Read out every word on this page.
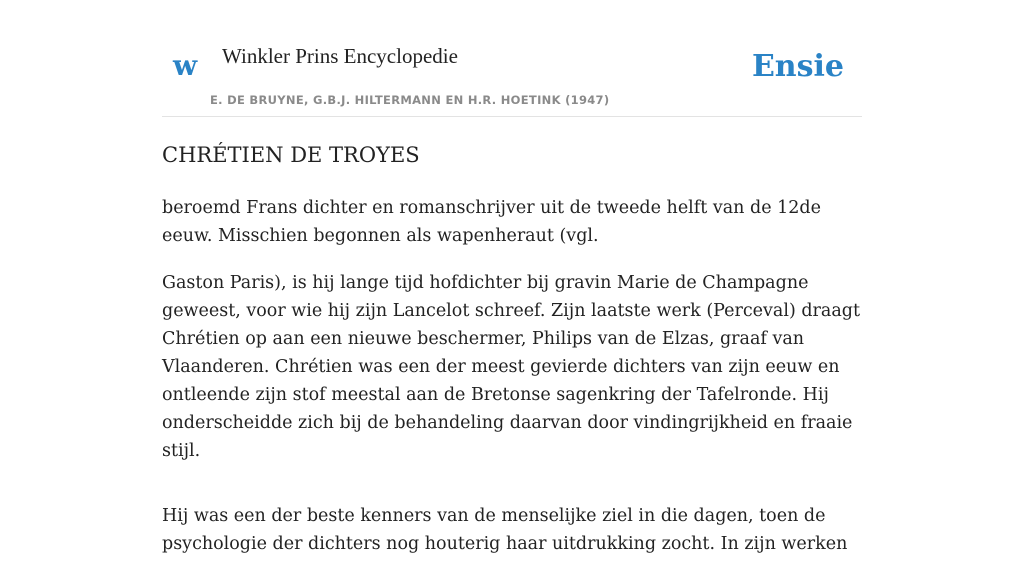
w Winkler Prins Encyclopedie
E. DE BRUYNE, G.B.J. HILTERMANN EN H.R. HOETINK (1947)
Ensie
CHRÉTIEN DE TROYES

beroemd Frans dichter en romanschrijver uit de tweede helft van de 12de eeuw. Misschien begonnen als wapenheraut (vgl.

Gaston Paris), is hij lange tijd hofdichter bij gravin Marie de Champagne geweest, voor wie hij zijn Lancelot schreef. Zijn laatste werk (Perceval) draagt Chrétien op aan een nieuwe beschermer, Philips van de Elzas, graaf van Vlaanderen. Chrétien was een der meest gevierde dichters van zijn eeuw en ontleende zijn stof meestal aan de Bretonse sagenkring der Tafelronde. Hij onderscheidde zich bij de behandeling daarvan door vindingrijkheid en fraaie stijl.

Hij was een der beste kenners van de menselijke ziel in die dagen, toen de psychologie der dichters nog houterig haar uitdrukking zocht. In zijn werken
